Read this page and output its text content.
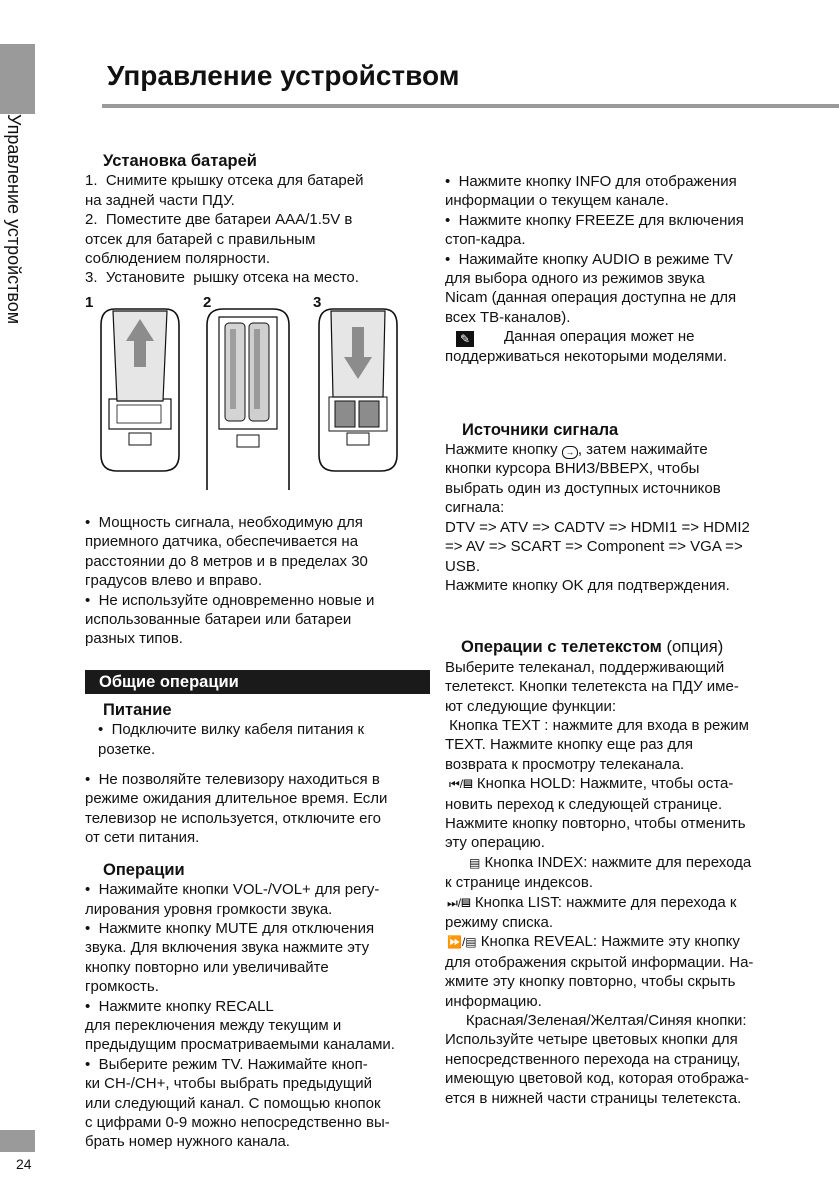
Управление устройством
24
Управление устройством

Установка батарей

1.  Снимите крышку отсека для батарей

на задней части ПДУ.

2.  Поместите две батареи AAA/1.5V в

отсек для батарей с правильным

соблюдением полярности.

3.  Установите  рышку отсека на место.

1	2	3

•  Мощность сигнала, необходимую для

приемного датчика, обеспечивается на

расстоянии до 8 метров и в пределах 30

градусов влево и вправо.

•  Не используйте одновременно новые и

использованные батареи или батареи

разных типов.

Общие операции

Питание

•  Подключите вилку кабеля питания к

розетке.

•  Не позволяйте телевизору находиться в

режиме ожидания длительное время. Если

телевизор не используется, отключите его

от сети питания.

Операции

•  Нажимайте кнопки VOL-/VOL+ для регу-

лирования уровня громкости звука.

•  Нажмите кнопку MUTE для отключения

звука. Для включения звука нажмите эту

кнопку повторно или увеличивайте

громкость.

•  Нажмите кнопку RECALL

для переключения между текущим и

предыдущим просматриваемыми каналами.

•  Выберите режим TV. Нажимайте кноп-

ки CH-/CH+, чтобы выбрать предыдущий

или следующий канал. С помощью кнопок

с цифрами 0-9 можно непосредственно вы-

брать номер нужного канала.

•  Нажмите кнопку INFO для отображения

информации о текущем канале.

•  Нажмите кнопку FREEZE для включения

стоп-кадра.

•  Нажимайте кнопку AUDIO в режиме TV

для выбора одного из режимов звука

Nicam (данная операция доступна не для

всех ТВ-каналов).

✎ Данная операция может не

поддерживаться некоторыми моделями.

Источники сигнала

Нажмите кнопку → , затем нажимайте

кнопки курсора ВНИЗ/ВВЕРХ, чтобы

выбрать один из доступных источников

сигнала:

DTV => ATV => CADTV => HDMI1 => HDMI2

=> AV => SCART => Component => VGA =>

USB.

Нажмите кнопку OK для подтверждения.

Операции с телетекстом (опция)

Выберите телеканал, поддерживающий

телетекст. Кнопки телетекста на ПДУ име-

ют следующие функции:

Кнопка TEXT : нажмите для входа в режим

TEXT. Нажмите кнопку еще раз для

возврата к просмотру телеканала.

⏮/▤ Кнопка HOLD: Нажмите, чтобы оста-

новить переход к следующей странице.

Нажмите кнопку повторно, чтобы отменить

эту операцию.

▤ Кнопка INDEX: нажмите для перехода

к странице индексов.

⏭/▤ Кнопка LIST: нажмите для перехода к

режиму списка.

⏩/▤ Кнопка REVEAL: Нажмите эту кнопку

для отображения скрытой информации. На-

жмите эту кнопку повторно, чтобы скрыть

информацию.

Красная/Зеленая/Желтая/Синяя кнопки:

Используйте четыре цветовых кнопки для

непосредственного перехода на страницу,

имеющую цветовой код, которая отобража-

ется в нижней части страницы телетекста.
